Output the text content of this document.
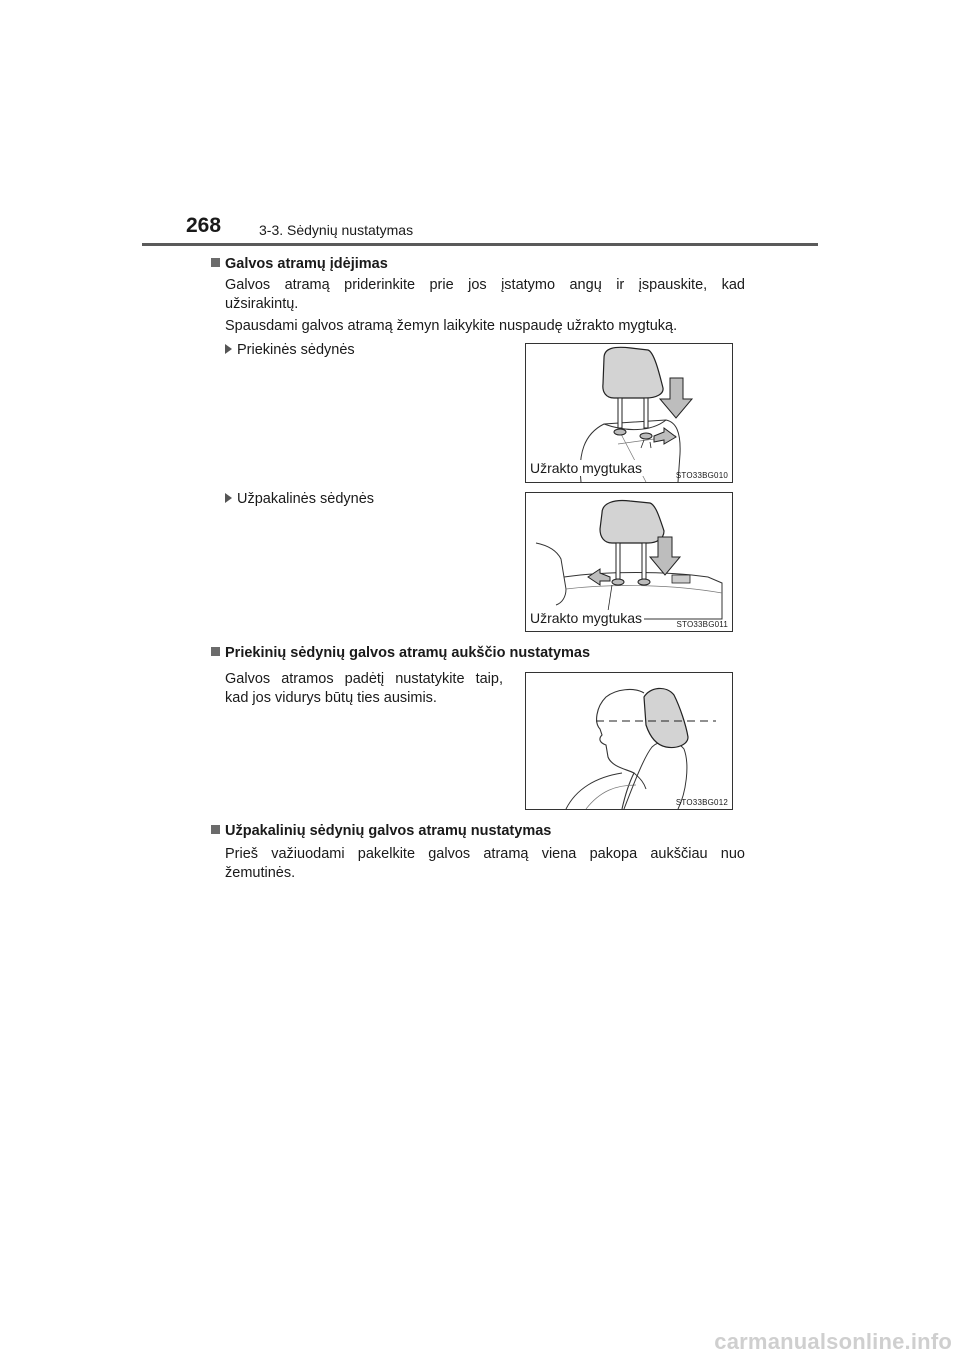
268	3-3. Sėdynių nustatymas
Galvos atramų įdėjimas
Galvos atramą priderinkite prie jos įstatymo angų ir įspauskite, kad
užsirakintų.
Spausdami galvos atramą žemyn laikykite nuspaudę užrakto mygtuką.
Priekinės sėdynės
Užrakto mygtukas	STO33BG010
Užpakalinės sėdynės
Užrakto mygtukas	STO33BG011
Priekinių sėdynių galvos atramų aukščio nustatymas
Galvos atramos padėtį nustatykite taip,
kad jos vidurys būtų ties ausimis.
STO33BG012
Užpakalinių sėdynių galvos atramų nustatymas
Prieš važiuodami pakelkite galvos atramą viena pakopa aukščiau nuo
žemutinės.
carmanualsonline.info
